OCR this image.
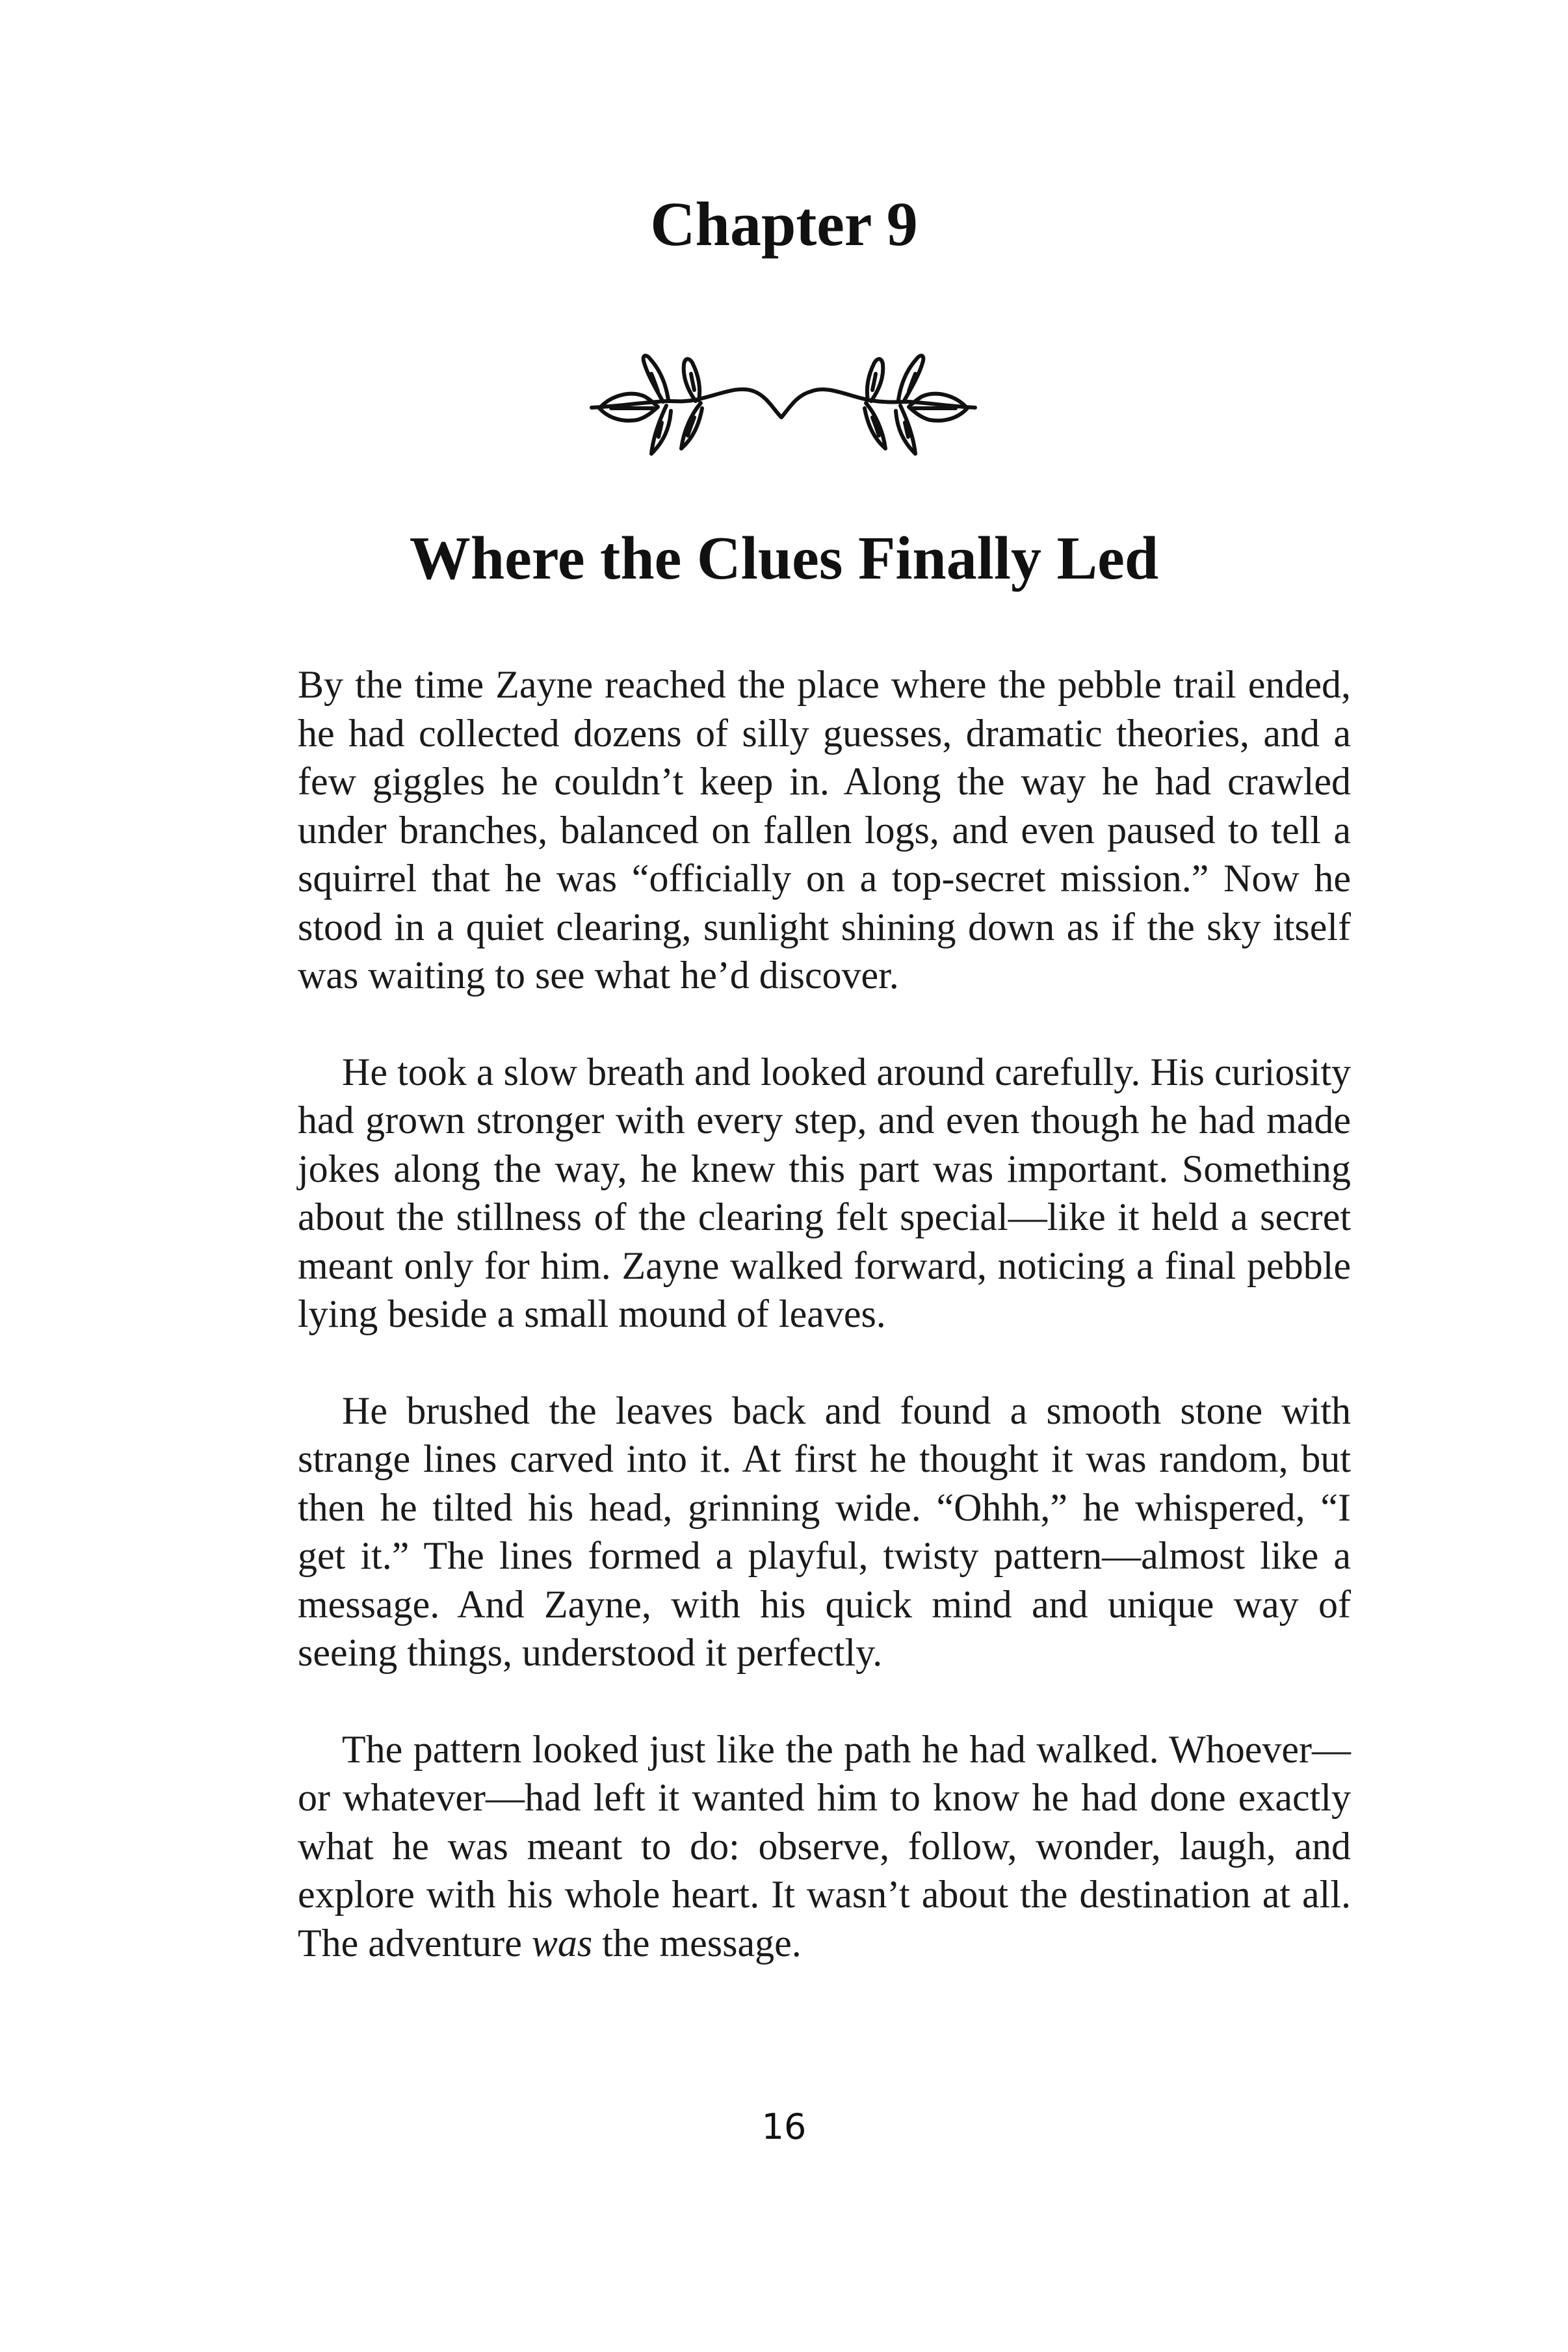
Chapter 9
Where the Clues Finally Led

By the time Zayne reached the place where the pebble trail ended, he had collected dozens of silly guesses, dramatic theories, and a few giggles he couldn’t keep in. Along the way he had crawled under branches, balanced on fallen logs, and even paused to tell a squirrel that he was “officially on a top-secret mission.” Now he stood in a quiet clearing, sunlight shining down as if the sky itself was waiting to see what he’d discover.

He took a slow breath and looked around carefully. His curiosity had grown stronger with every step, and even though he had made jokes along the way, he knew this part was important. Something about the stillness of the clearing felt special—like it held a secret meant only for him. Zayne walked forward, noticing a final pebble lying beside a small mound of leaves.

He brushed the leaves back and found a smooth stone with strange lines carved into it. At first he thought it was random, but then he tilted his head, grinning wide. “Ohhh,” he whispered, “I get it.” The lines formed a playful, twisty pattern—almost like a message. And Zayne, with his quick mind and unique way of seeing things, understood it perfectly.

The pattern looked just like the path he had walked. Whoever—or whatever—had left it wanted him to know he had done exactly what he was meant to do: observe, follow, wonder, laugh, and explore with his whole heart. It wasn’t about the destination at all. The adventure was the message.

16
